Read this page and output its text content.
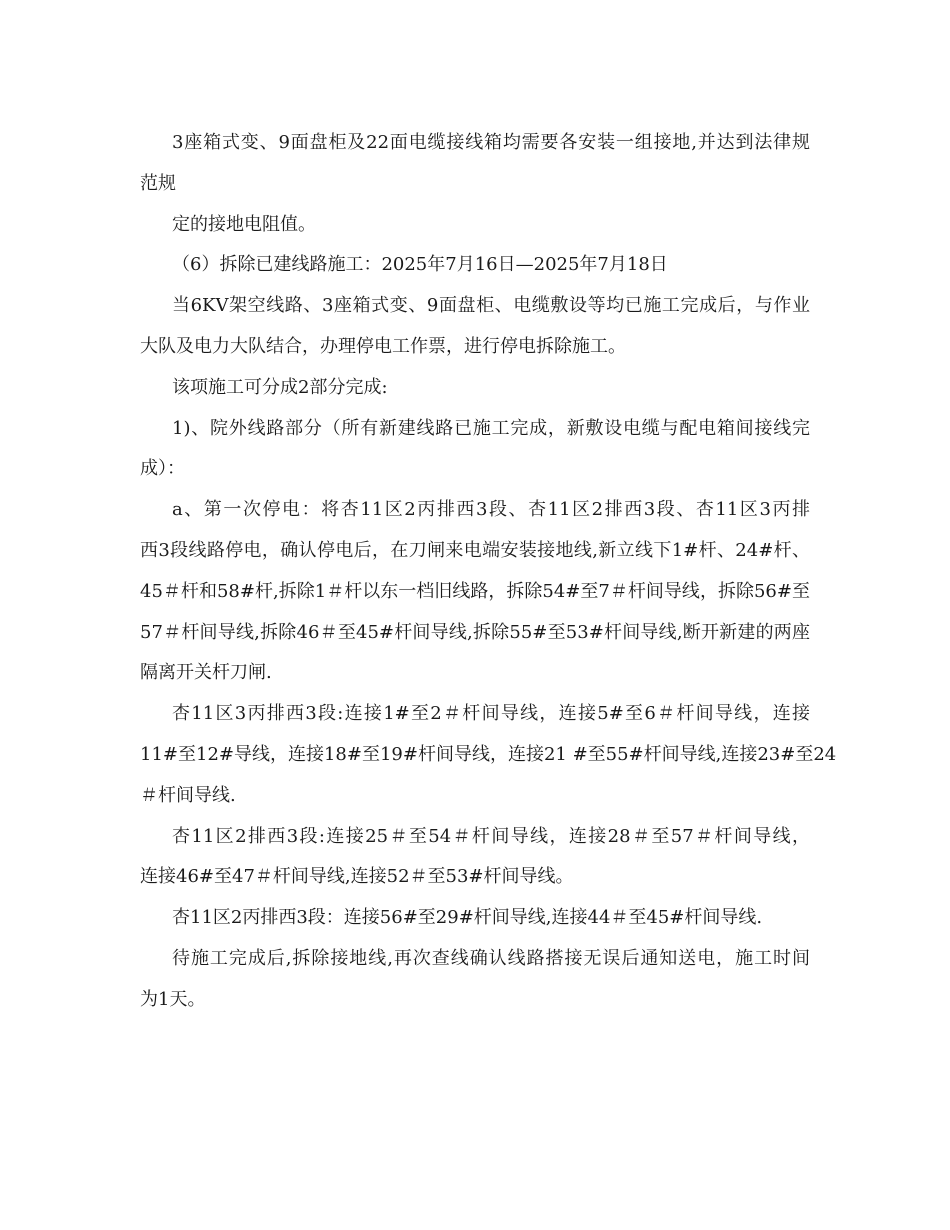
3座箱式变、9面盘柜及22面电缆接线箱均需要各安装一组接地,并达到法律规
范规
定的接地电阻值。
（6）拆除已建线路施工：2025年7月16日—2025年7月18日
当6KV架空线路、3座箱式变、9面盘柜、电缆敷设等均已施工完成后，与作业
大队及电力大队结合，办理停电工作票，进行停电拆除施工。
该项施工可分成2部分完成:
1)、院外线路部分（所有新建线路已施工完成，新敷设电缆与配电箱间接线完
成）：
a、第一次停电：将杏11区2丙排西3段、杏11区2排西3段、杏11区3丙排
西3段线路停电，确认停电后，在刀闸来电端安装接地线,新立线下1#杆、24#杆、
45＃杆和58#杆,拆除1＃杆以东一档旧线路，拆除54#至7＃杆间导线，拆除56#至
57＃杆间导线,拆除46＃至45#杆间导线,拆除55#至53#杆间导线,断开新建的两座
隔离开关杆刀闸.
杏11区3丙排西3段:连接1#至2＃杆间导线，连接5#至6＃杆间导线，连接
11#至12#导线，连接18#至19#杆间导线，连接21 #至55#杆间导线,连接23#至24
＃杆间导线.
杏11区2排西3段:连接25＃至54＃杆间导线，连接28＃至57＃杆间导线，
连接46#至47＃杆间导线,连接52＃至53#杆间导线。
杏11区2丙排西3段：连接56#至29#杆间导线,连接44＃至45#杆间导线.
待施工完成后,拆除接地线,再次查线确认线路搭接无误后通知送电，施工时间
为1天。
